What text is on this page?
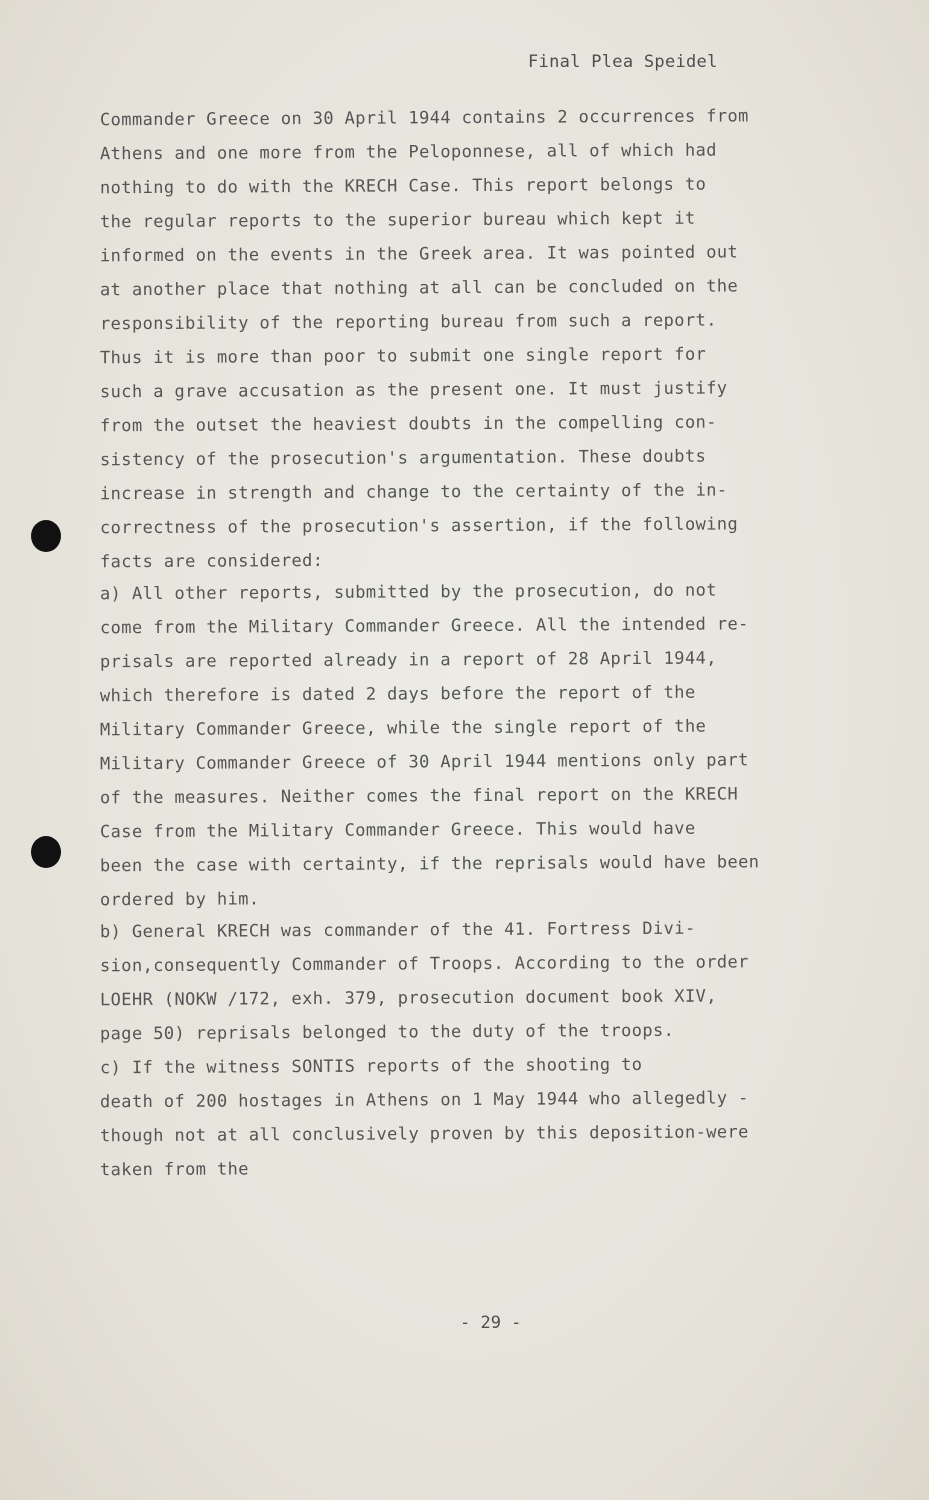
Final Plea Speidel
Commander Greece on 30 April 1944 contains 2 occurrences from
Athens and one more from the Peloponnese, all of which had
nothing to do with the KRECH Case. This report belongs to
the regular reports to the superior bureau which kept it
informed on the events in the Greek area. It was pointed out
at another place that nothing at all can be concluded on the
responsibility of the reporting bureau from such a report.
Thus it is more than poor to submit one single report for
such a grave accusation as the present one. It must justify
from the outset the heaviest doubts in the compelling con-
sistency of the prosecution's argumentation. These doubts
increase in strength and change to the certainty of the in-
correctness of the prosecution's assertion, if the following
facts are considered:
a) All other reports, submitted by the prosecution, do not
come from the Military Commander Greece. All the intended re-
prisals are reported already in a report of 28 April 1944,
which therefore is dated 2 days before the report of the
Military Commander Greece, while the single report of the
Military Commander Greece of 30 April 1944 mentions only part
of the measures. Neither comes the final report on the KRECH
Case from the Military Commander Greece. This would have
been the case with certainty, if the reprisals would have been
ordered by him.
b) General KRECH was commander of the 41. Fortress Divi-
sion,consequently Commander of Troops. According to the order
LOEHR (NOKW /172, exh. 379, prosecution document book XIV,
page 50) reprisals belonged to the duty of the troops.
c) If the witness SONTIS reports of the shooting to
death of 200 hostages in Athens on 1 May 1944 who allegedly -
though not at all conclusively proven by this deposition-were
taken from the
- 29 -
